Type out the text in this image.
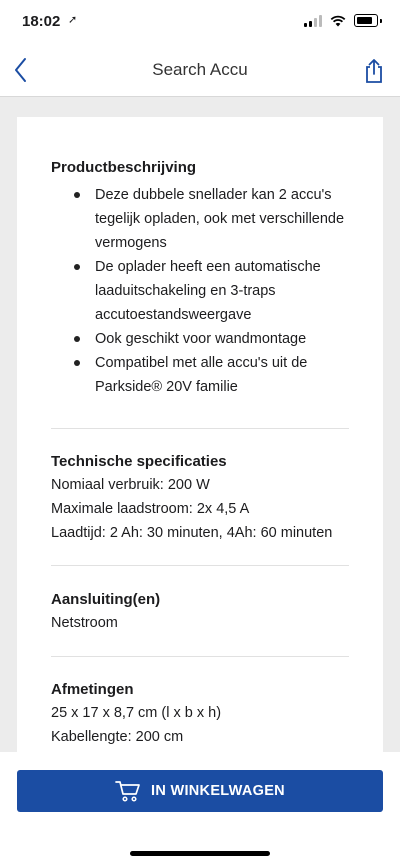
18:02 ➚
Search Accu
Productbeschrijving
Deze dubbele snellader kan 2 accu's
tegelijk opladen, ook met verschillende
vermogens
De oplader heeft een automatische
laaduitschakeling en 3-traps
accutoestandsweergave
Ook geschikt voor wandmontage
Compatibel met alle accu's uit de
Parkside® 20V familie
Technische specificaties
Nomiaal verbruik: 200 W
Maximale laadstroom: 2x 4,5 A
Laadtijd: 2 Ah: 30 minuten, 4Ah: 60 minuten
Aansluiting(en)
Netstroom
Afmetingen
25 x 17 x 8,7 cm (l x b x h)
Kabellengte: 200 cm
IN WINKELWAGEN
